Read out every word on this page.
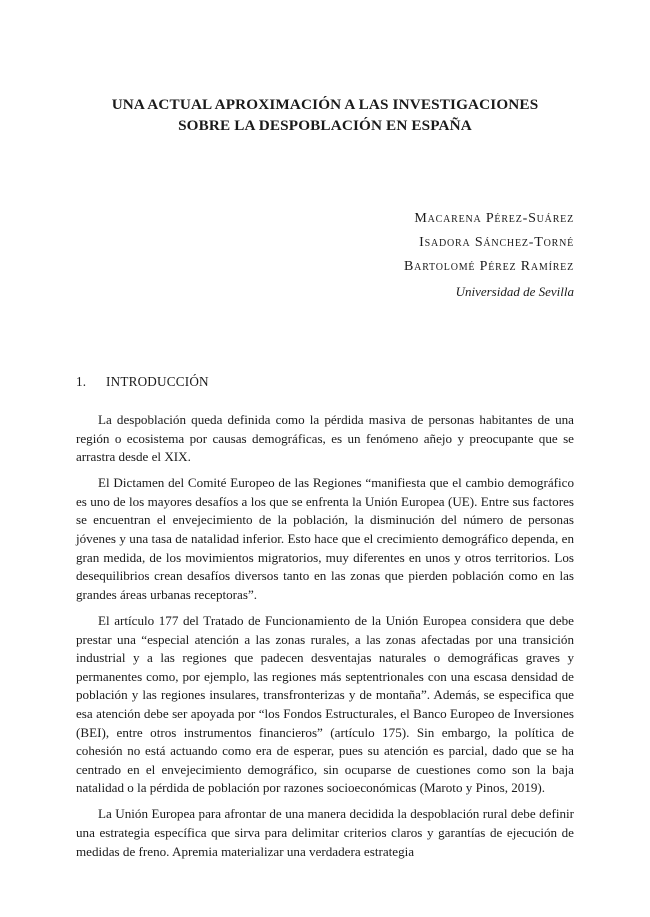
UNA ACTUAL APROXIMACIÓN A LAS INVESTIGACIONES
SOBRE LA DESPOBLACIÓN EN ESPAÑA
Macarena Pérez-Suárez
Isadora Sánchez-Torné
Bartolomé Pérez Ramírez
Universidad de Sevilla
1. INTRODUCCIÓN

La despoblación queda definida como la pérdida masiva de personas habitantes de una región o ecosistema por causas demográficas, es un fenómeno añejo y preocupante que se arrastra desde el XIX.

El Dictamen del Comité Europeo de las Regiones “manifiesta que el cambio demográfico es uno de los mayores desafíos a los que se enfrenta la Unión Europea (UE). Entre sus factores se encuentran el envejecimiento de la población, la disminución del número de personas jóvenes y una tasa de natalidad inferior. Esto hace que el crecimiento demográfico dependa, en gran medida, de los movimientos migratorios, muy diferentes en unos y otros territorios. Los desequilibrios crean desafíos diversos tanto en las zonas que pierden población como en las grandes áreas urbanas receptoras”.

El artículo 177 del Tratado de Funcionamiento de la Unión Europea considera que debe prestar una “especial atención a las zonas rurales, a las zonas afectadas por una transición industrial y a las regiones que padecen desventajas naturales o demográficas graves y permanentes como, por ejemplo, las regiones más septentrionales con una escasa densidad de población y las regiones insulares, transfronterizas y de montaña”. Además, se especifica que esa atención debe ser apoyada por “los Fondos Estructurales, el Banco Europeo de Inversiones (BEI), entre otros instrumentos financieros” (artículo 175). Sin embargo, la política de cohesión no está actuando como era de esperar, pues su atención es parcial, dado que se ha centrado en el envejecimiento demográfico, sin ocuparse de cuestiones como son la baja natalidad o la pérdida de población por razones socioeconómicas (Maroto y Pinos, 2019).

La Unión Europea para afrontar de una manera decidida la despoblación rural debe definir una estrategia específica que sirva para delimitar criterios claros y garantías de ejecución de medidas de freno. Apremia materializar una verdadera estrategia
